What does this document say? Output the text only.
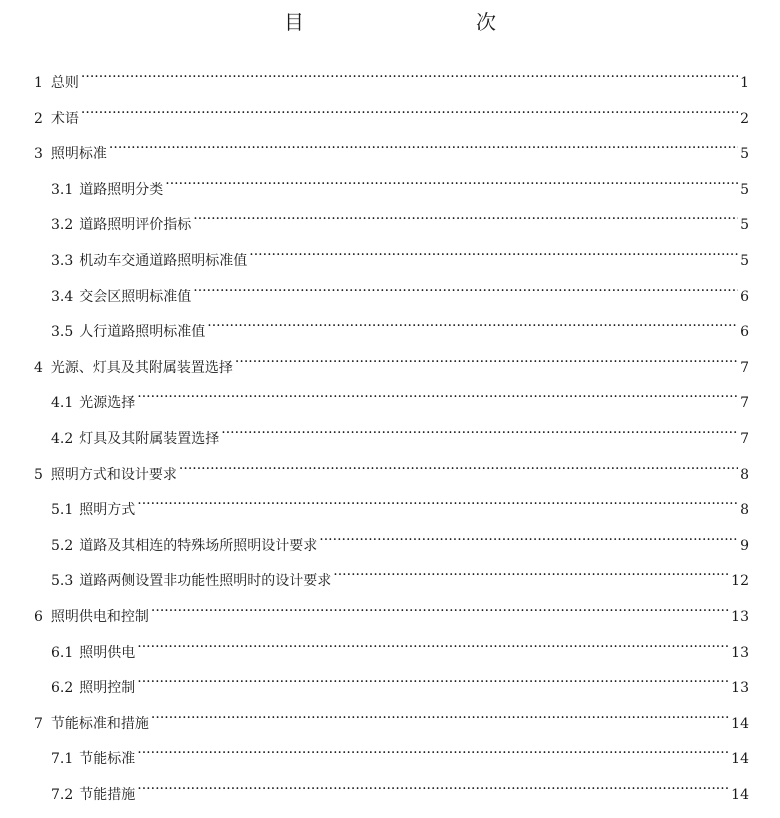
目　　次
1 总则 ·····	1
2 术语 ·····	2
3 照明标准 ·····	5
3.1 道路照明分类 ·····	5
3.2 道路照明评价指标 ·····	5
3.3 机动车交通道路照明标准值 ·····	5
3.4 交会区照明标准值 ·····	6
3.5 人行道路照明标准值 ·····	6
4 光源、灯具及其附属装置选择 ·····	7
4.1 光源选择 ·····	7
4.2 灯具及其附属装置选择 ·····	7
5 照明方式和设计要求 ·····	8
5.1 照明方式 ·····	8
5.2 道路及其相连的特殊场所照明设计要求 ·····	9
5.3 道路两侧设置非功能性照明时的设计要求 ·····	12
6 照明供电和控制 ·····	13
6.1 照明供电 ·····	13
6.2 照明控制 ·····	13
7 节能标准和措施 ·····	14
7.1 节能标准 ·····	14
7.2 节能措施 ·····	14
